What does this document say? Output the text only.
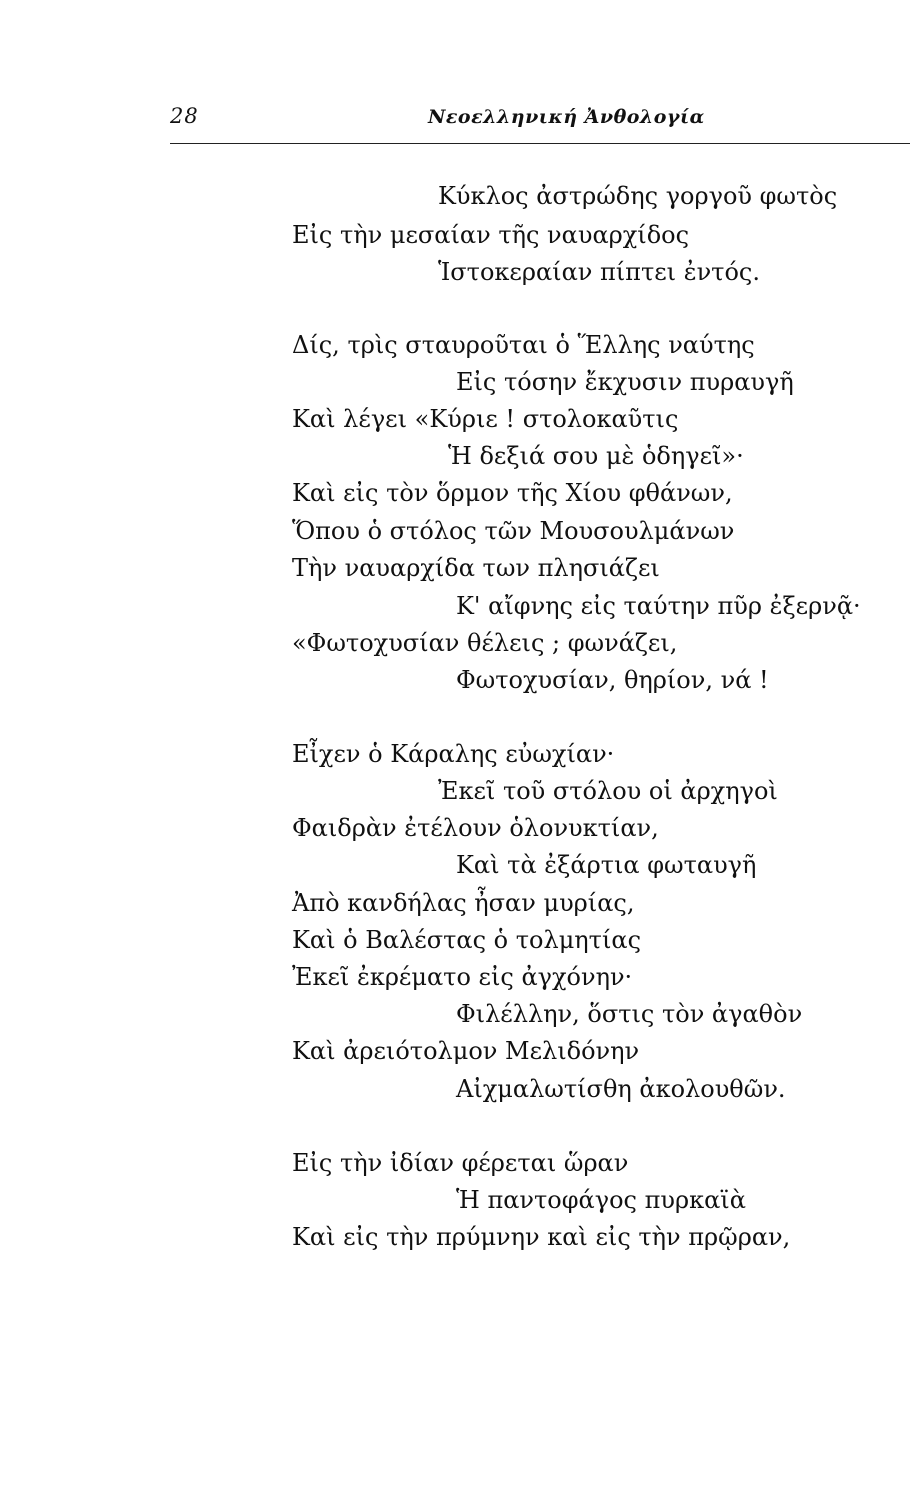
28	Νεοελληνική Ἀνθολογία
Κύκλος ἀστρώδης γοργοῦ φωτὸς
Εἰς τὴν μεσαίαν τῆς ναυαρχίδος
Ἱστοκεραίαν πίπτει ἐντός.
Δίς, τρὶς σταυροῦται ὁ Ἕλλης ναύτης
Εἰς τόσην ἔκχυσιν πυραυγῆ
Καὶ λέγει «Κύριε ! στολοκαῦτις
Ἡ δεξιά σου μὲ ὁδηγεῖ»·
Καὶ εἰς τὸν ὅρμον τῆς Χίου φθάνων,
Ὅπου ὁ στόλος τῶν Μουσουλμάνων
Τὴν ναυαρχίδα των πλησιάζει
Κ' αἴφνης εἰς ταύτην πῦρ ἐξερνᾷ·
«Φωτοχυσίαν θέλεις ; φωνάζει,
Φωτοχυσίαν, θηρίον, νά !
Εἶχεν ὁ Κάραλης εὐωχίαν·
Ἐκεῖ τοῦ στόλου οἱ ἀρχηγοὶ
Φαιδρὰν ἐτέλουν ὁλονυκτίαν,
Καὶ τὰ ἐξάρτια φωταυγῆ
Ἀπὸ κανδήλας ἦσαν μυρίας,
Καὶ ὁ Βαλέστας ὁ τολμητίας
Ἐκεῖ ἐκρέματο εἰς ἀγχόνην·
Φιλέλλην, ὅστις τὸν ἀγαθὸν
Καὶ ἀρειότολμον Μελιδόνην
Αἰχμαλωτίσθη ἀκολουθῶν.
Εἰς τὴν ἰδίαν φέρεται ὥραν
Ἡ παντοφάγος πυρκαϊὰ
Καὶ εἰς τὴν πρύμνην καὶ εἰς τὴν πρῷραν,
